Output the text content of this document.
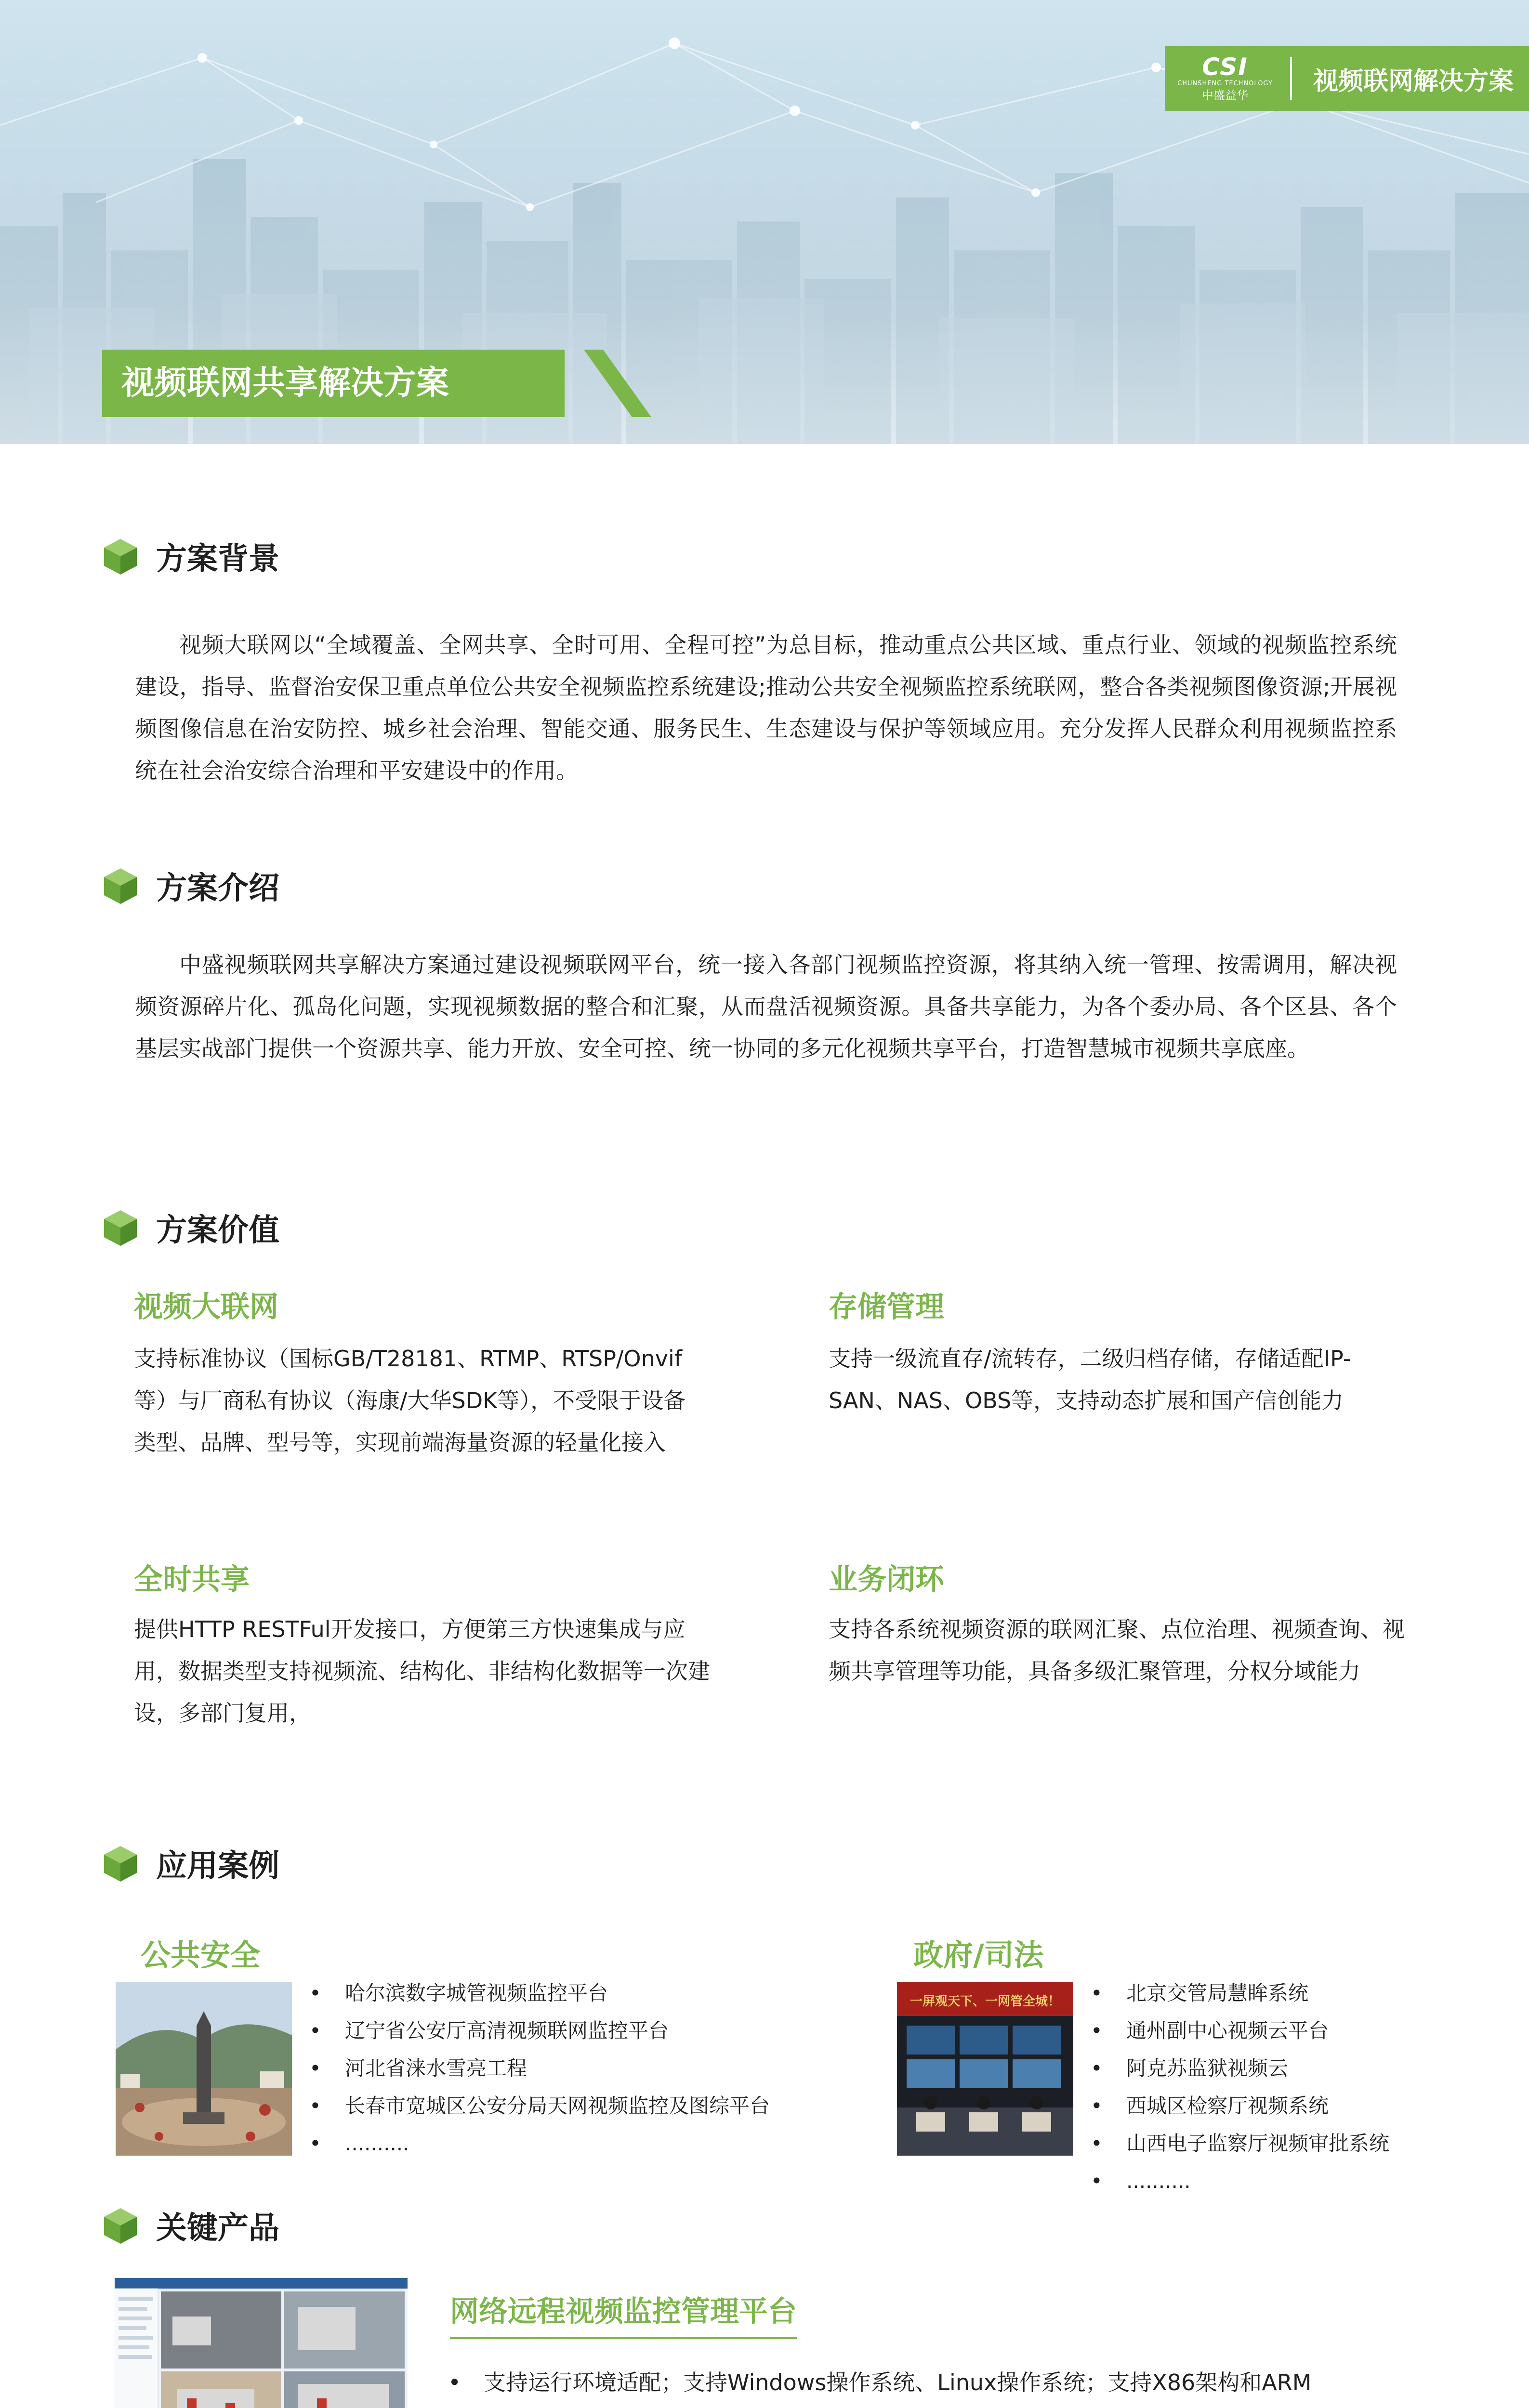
CSI
CHUNSHENG TECHNOLOGY
中盛益华	视频联网解决方案
视频联网共享解决方案
方案背景
视频大联网以“全域覆盖、全网共享、全时可用、全程可控”为总目标，推动重点公共区域、重点行业、领域的视频监控系统建设，指导、监督治安保卫重点单位公共安全视频监控系统建设;推动公共安全视频监控系统联网，整合各类视频图像资源;开展视频图像信息在治安防控、城乡社会治理、智能交通、服务民生、生态建设与保护等领域应用。充分发挥人民群众利用视频监控系统在社会治安综合治理和平安建设中的作用。
方案介绍
中盛视频联网共享解决方案通过建设视频联网平台，统一接入各部门视频监控资源，将其纳入统一管理、按需调用，解决视频资源碎片化、孤岛化问题，实现视频数据的整合和汇聚，从而盘活视频资源。具备共享能力，为各个委办局、各个区县、各个基层实战部门提供一个资源共享、能力开放、安全可控、统一协同的多元化视频共享平台，打造智慧城市视频共享底座。
方案价值
视频大联网
支持标准协议（国标GB/T28181、RTMP、RTSP/Onvif等）与厂商私有协议（海康/大华SDK等），不受限于设备类型、品牌、型号等，实现前端海量资源的轻量化接入
存储管理
支持一级流直存/流转存，二级归档存储，存储适配IP-SAN、NAS、OBS等，支持动态扩展和国产信创能力
全时共享
提供HTTP RESTFul开发接口，方便第三方快速集成与应用，数据类型支持视频流、结构化、非结构化数据等一次建设，多部门复用，
业务闭环
支持各系统视频资源的联网汇聚、点位治理、视频查询、视频共享管理等功能，具备多级汇聚管理，分权分域能力
应用案例
公共安全
• 哈尔滨数字城管视频监控平台
• 辽宁省公安厅高清视频联网监控平台
• 河北省涞水雪亮工程
• 长春市宽城区公安分局天网视频监控及图综平台
• ..........
政府/司法
一屏观天下、一网管全城！
•	北京交管局慧眸系统
• 通州副中心视频云平台
• 阿克苏监狱视频云
• 西城区检察厅视频系统
• 山西电子监察厅视频审批系统
• ..........
关键产品
网络远程视频监控管理平台
• 支持运行环境适配；支持Windows操作系统、Linux操作系统；支持X86架构和ARM
